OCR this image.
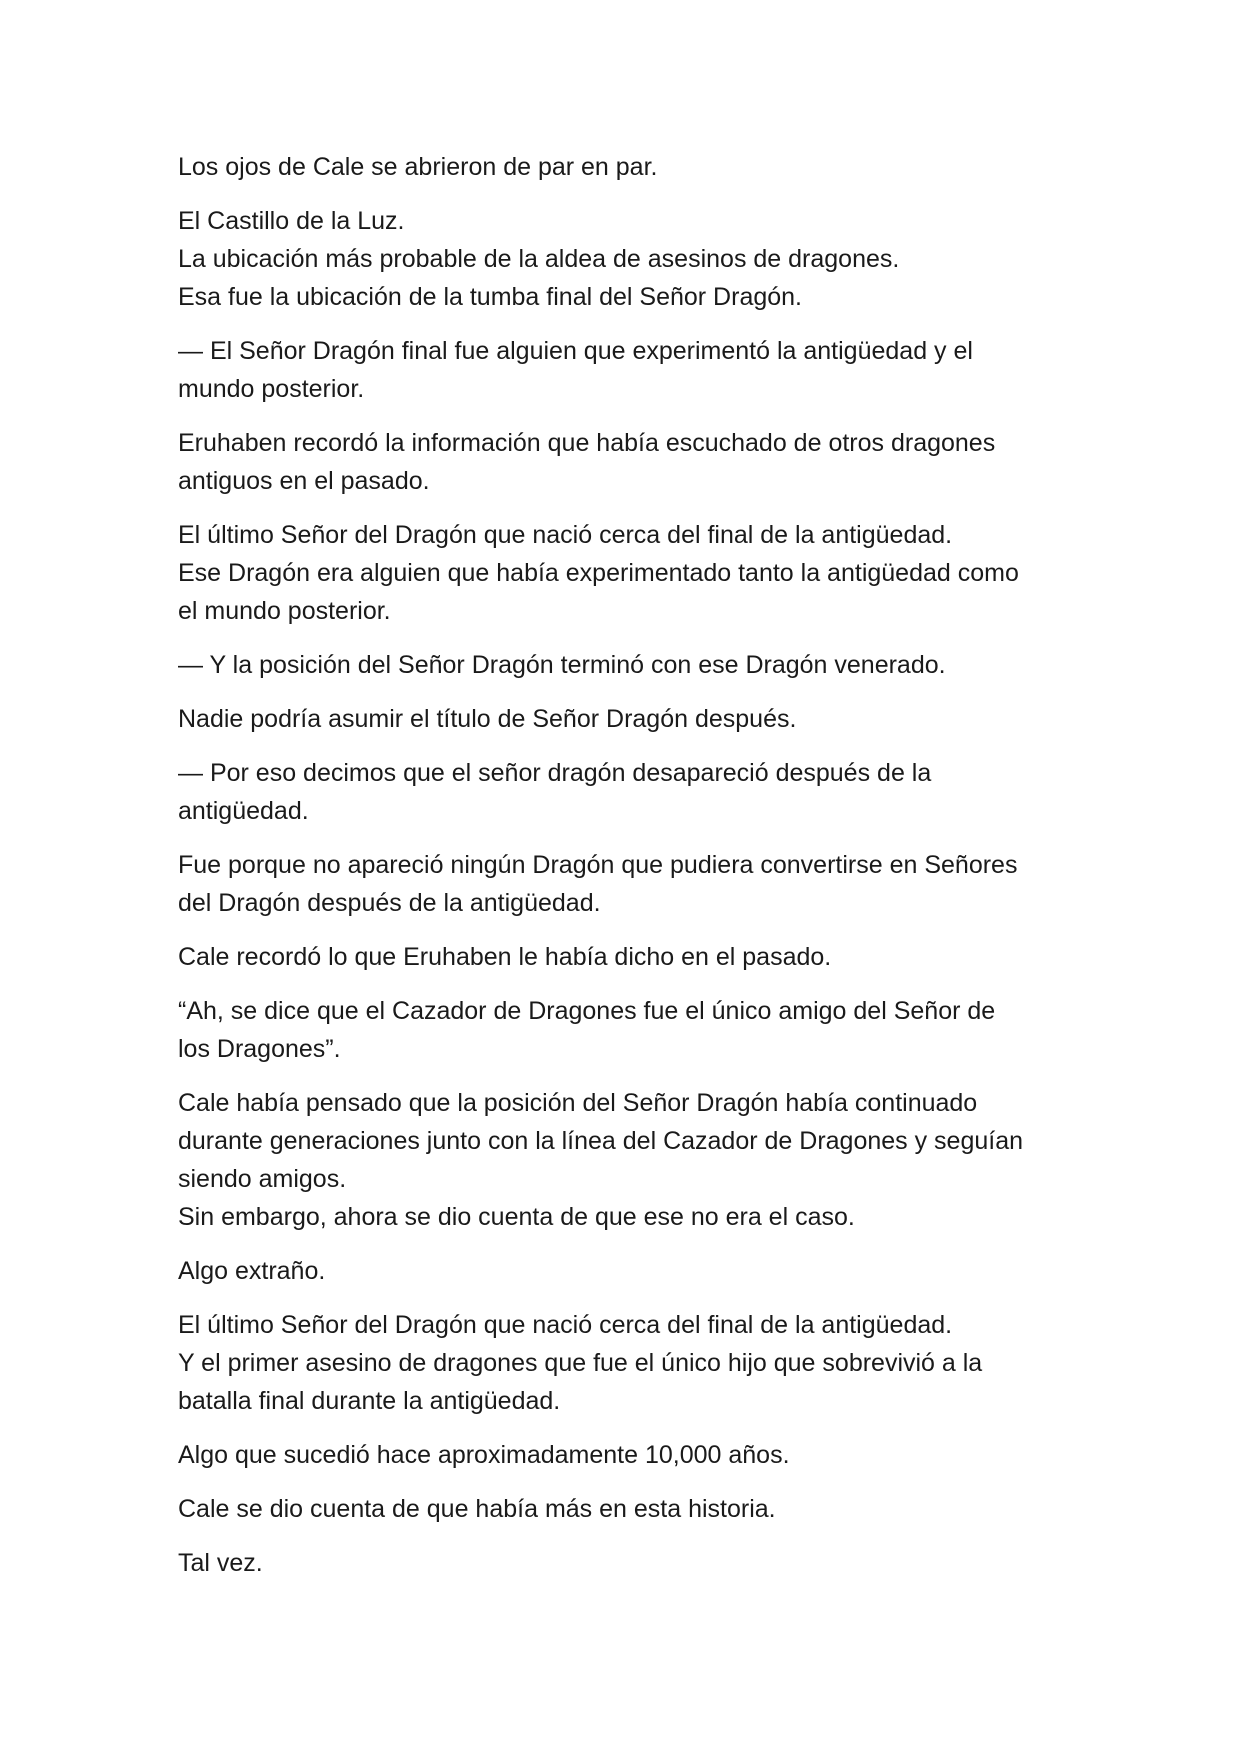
Los ojos de Cale se abrieron de par en par.

El Castillo de la Luz.
La ubicación más probable de la aldea de asesinos de dragones.
Esa fue la ubicación de la tumba final del Señor Dragón.

— El Señor Dragón final fue alguien que experimentó la antigüedad y el
mundo posterior.

Eruhaben recordó la información que había escuchado de otros dragones
antiguos en el pasado.

El último Señor del Dragón que nació cerca del final de la antigüedad.
Ese Dragón era alguien que había experimentado tanto la antigüedad como
el mundo posterior.

— Y la posición del Señor Dragón terminó con ese Dragón venerado.

Nadie podría asumir el título de Señor Dragón después.

— Por eso decimos que el señor dragón desapareció después de la
antigüedad.

Fue porque no apareció ningún Dragón que pudiera convertirse en Señores
del Dragón después de la antigüedad.

Cale recordó lo que Eruhaben le había dicho en el pasado.

“Ah, se dice que el Cazador de Dragones fue el único amigo del Señor de
los Dragones”.

Cale había pensado que la posición del Señor Dragón había continuado
durante generaciones junto con la línea del Cazador de Dragones y seguían
siendo amigos.
Sin embargo, ahora se dio cuenta de que ese no era el caso.

Algo extraño.

El último Señor del Dragón que nació cerca del final de la antigüedad.
Y el primer asesino de dragones que fue el único hijo que sobrevivió a la
batalla final durante la antigüedad.

Algo que sucedió hace aproximadamente 10,000 años.

Cale se dio cuenta de que había más en esta historia.

Tal vez.
